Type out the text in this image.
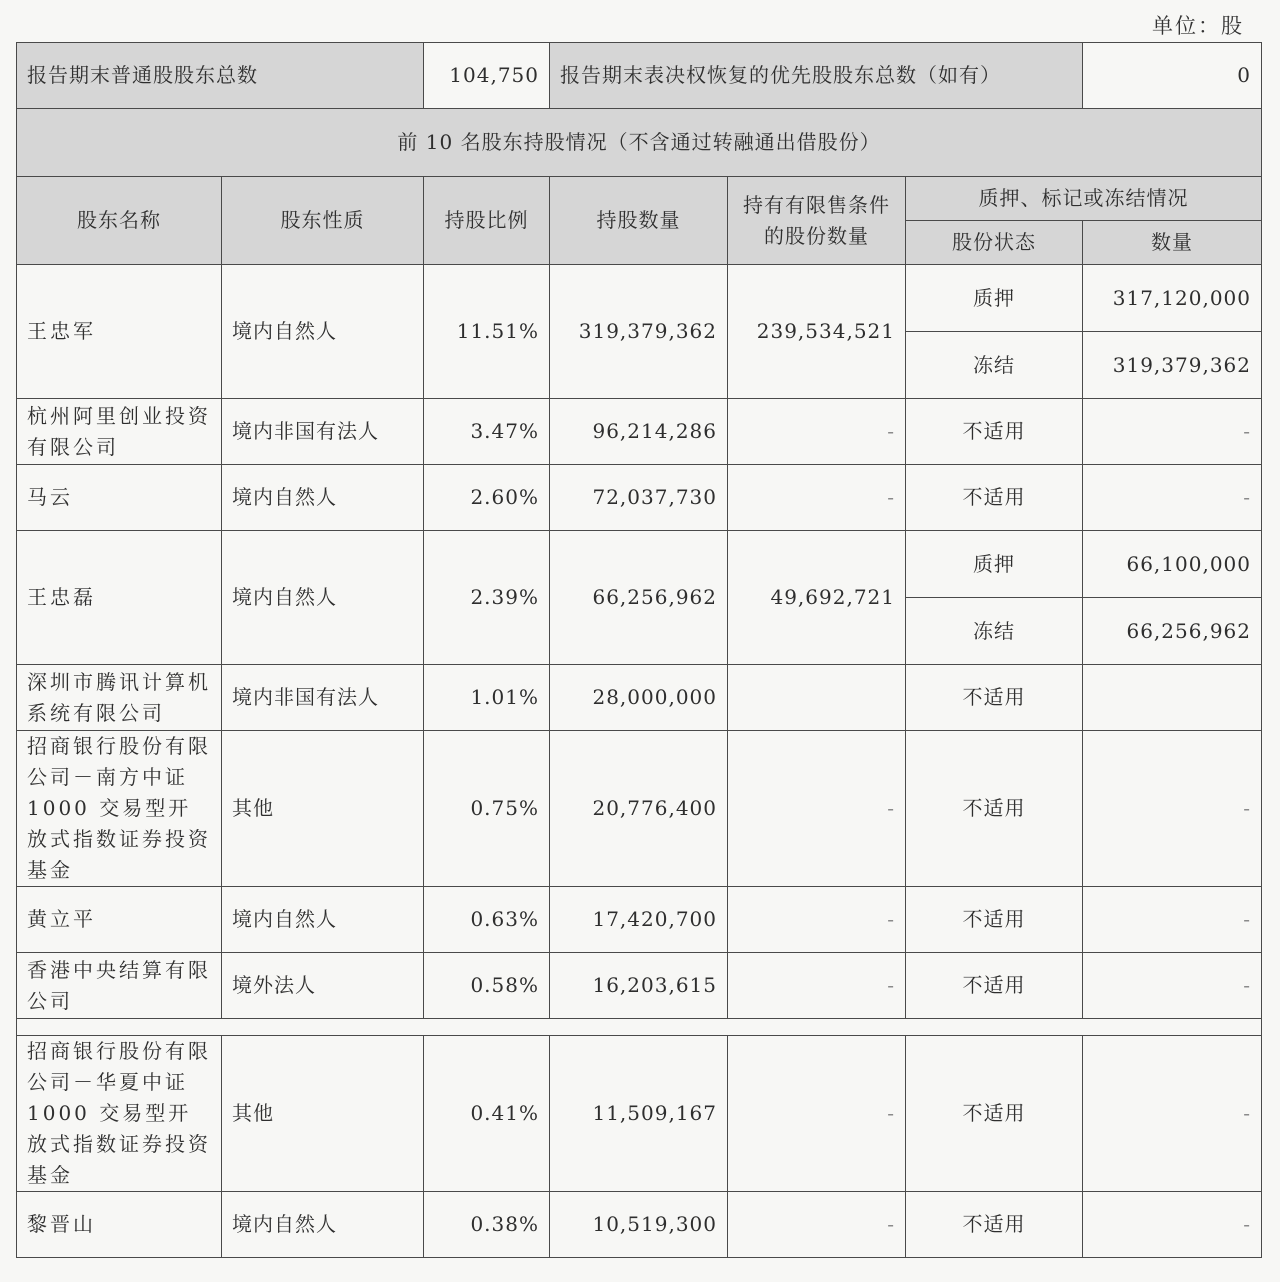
单位：股
报告期末普通股股东总数		104,750	报告期末表决权恢复的优先股股东总数（如有）			0
前 10 名股东持股情况（不含通过转融通出借股份）						
股东名称	股东性质	持股比例	持股数量	持有有限售条件的股份数量	质押、标记或冻结情况	
					股份状态	数量
王忠军	境内自然人	11.51%	319,379,362	239,534,521	质押	317,120,000
					冻结	319,379,362
杭州阿里创业投资有限公司	境内非国有法人	3.47%	96,214,286	-	不适用	-
马云	境内自然人	2.60%	72,037,730	-	不适用	-
王忠磊	境内自然人	2.39%	66,256,962	49,692,721	质押	66,100,000
					冻结	66,256,962
深圳市腾讯计算机系统有限公司	境内非国有法人	1.01%	28,000,000		不适用	
招商银行股份有限公司－南方中证 1000 交易型开放式指数证券投资基金	其他	0.75%	20,776,400	-	不适用	-
黄立平	境内自然人	0.63%	17,420,700	-	不适用	-
香港中央结算有限公司	境外法人	0.58%	16,203,615	-	不适用	-

招商银行股份有限公司－华夏中证 1000 交易型开放式指数证券投资基金	其他	0.41%	11,509,167	-	不适用	-
黎晋山	境内自然人	0.38%	10,519,300	-	不适用	-
